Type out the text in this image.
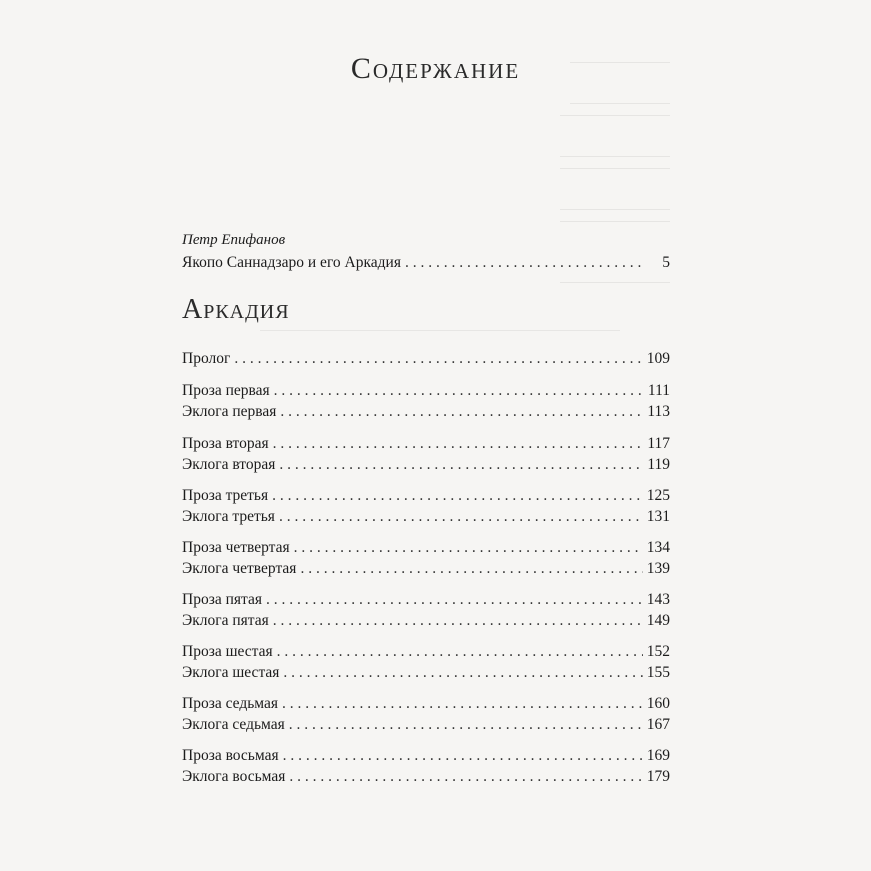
Содержание
Петр Епифанов
Якопо Саннадзаро и его Аркадия . . .	5
Аркадия
Пролог . . .	109
Проза первая . . .	111
Эклога первая . . .	113
Проза вторая . . .	117
Эклога вторая . . .	119
Проза третья . . .	125
Эклога третья . . .	131
Проза четвертая . . .	134
Эклога четвертая . . .	139
Проза пятая . . .	143
Эклога пятая . . .	149
Проза шестая . . .	152
Эклога шестая . . .	155
Проза седьмая . . .	160
Эклога седьмая . . .	167
Проза восьмая . . .	169
Эклога восьмая . . .	179
